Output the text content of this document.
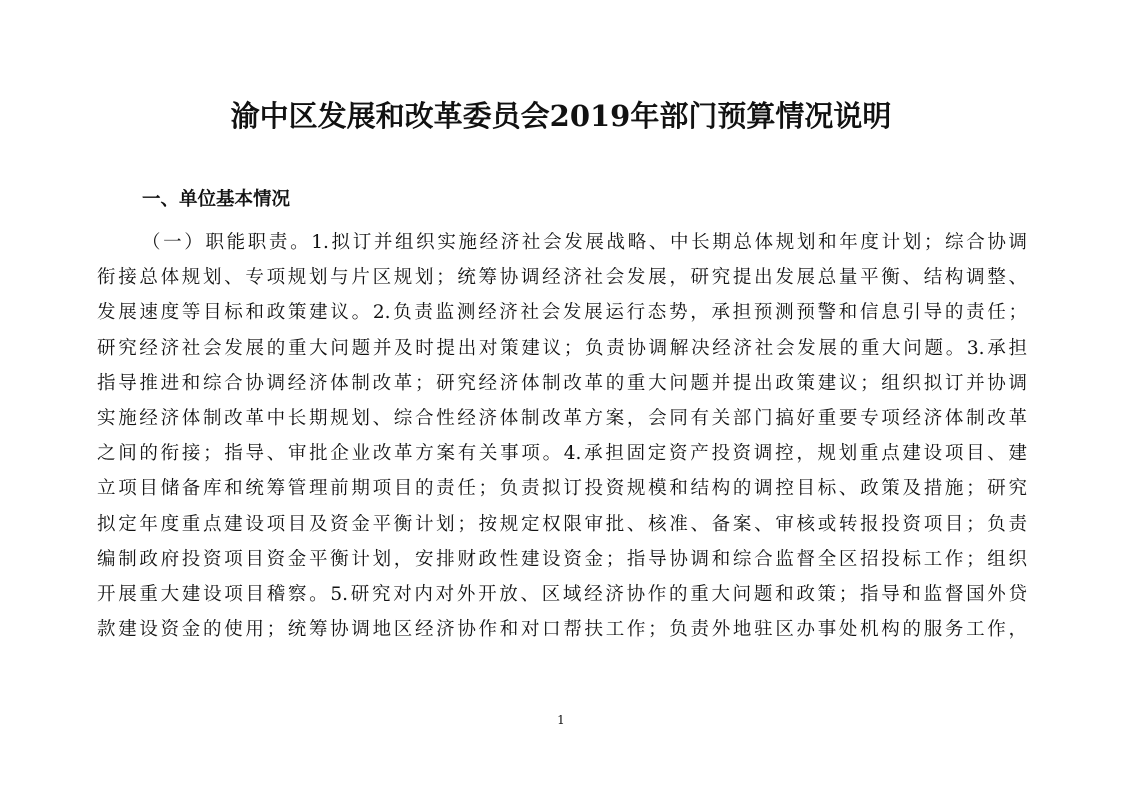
渝中区发展和改革委员会2019年部门预算情况说明
一、单位基本情况
（一）职能职责。1.拟订并组织实施经济社会发展战略、中长期总体规划和年度计划；综合协调
衔接总体规划、专项规划与片区规划；统筹协调经济社会发展，研究提出发展总量平衡、结构调整、
发展速度等目标和政策建议。2.负责监测经济社会发展运行态势，承担预测预警和信息引导的责任；
研究经济社会发展的重大问题并及时提出对策建议；负责协调解决经济社会发展的重大问题。3.承担
指导推进和综合协调经济体制改革；研究经济体制改革的重大问题并提出政策建议；组织拟订并协调
实施经济体制改革中长期规划、综合性经济体制改革方案，会同有关部门搞好重要专项经济体制改革
之间的衔接；指导、审批企业改革方案有关事项。4.承担固定资产投资调控，规划重点建设项目、建
立项目储备库和统筹管理前期项目的责任；负责拟订投资规模和结构的调控目标、政策及措施；研究
拟定年度重点建设项目及资金平衡计划；按规定权限审批、核准、备案、审核或转报投资项目；负责
编制政府投资项目资金平衡计划，安排财政性建设资金；指导协调和综合监督全区招投标工作；组织
开展重大建设项目稽察。5.研究对内对外开放、区域经济协作的重大问题和政策；指导和监督国外贷
款建设资金的使用；统筹协调地区经济协作和对口帮扶工作；负责外地驻区办事处机构的服务工作，
1
